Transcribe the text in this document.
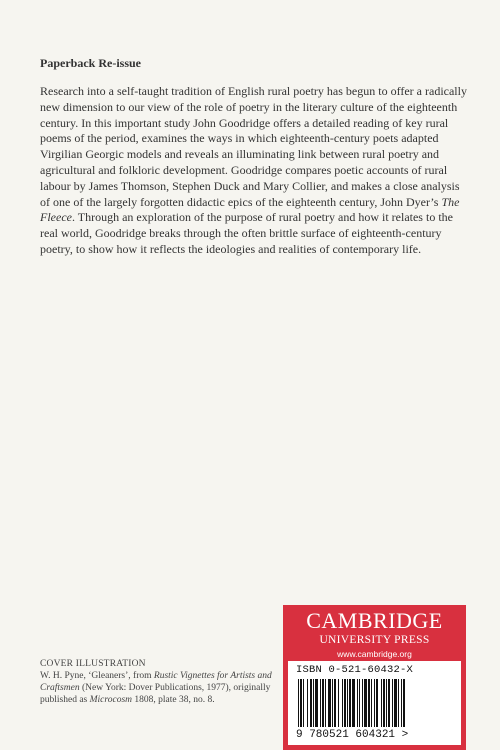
Paperback Re-issue

Research into a self-taught tradition of English rural poetry has begun to offer a radically new dimension to our view of the role of poetry in the literary culture of the eighteenth century. In this important study John Goodridge offers a detailed reading of key rural poems of the period, examines the ways in which eighteenth-century poets adapted Virgilian Georgic models and reveals an illuminating link between rural poetry and agricultural and folkloric development. Goodridge compares poetic accounts of rural labour by James Thomson, Stephen Duck and Mary Collier, and makes a close analysis of one of the largely forgotten didactic epics of the eighteenth century, John Dyer’s The Fleece. Through an exploration of the purpose of rural poetry and how it relates to the real world, Goodridge breaks through the often brittle surface of eighteenth-century poetry, to show how it reflects the ideologies and realities of contemporary life.

COVER ILLUSTRATION
W. H. Pyne, ‘Gleaners’, from Rustic Vignettes for Artists and Craftsmen (New York: Dover Publications, 1977), originally published as Microcosm 1808, plate 38, no. 8.
CAMBRIDGE
UNIVERSITY PRESS
www.cambridge.org
ISBN 0-521-60432-X
9 780521 604321 >
